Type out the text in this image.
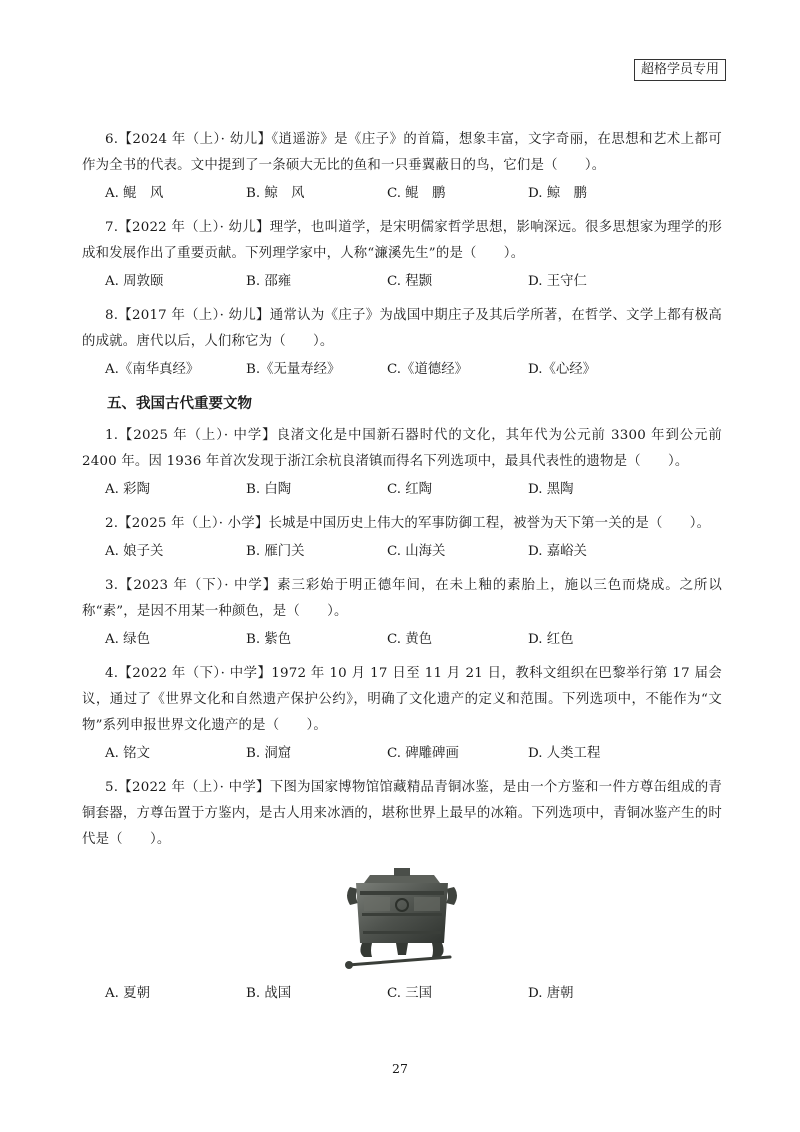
超格学员专用

6.【2024 年（上）· 幼儿】《逍遥游》是《庄子》的首篇，想象丰富，文字奇丽，在思想和艺术上都可作为全书的代表。文中提到了一条硕大无比的鱼和一只垂翼蔽日的鸟，它们是（　　）。

A. 鲲　风	B. 鲸　风	C. 鲲　鹏	D. 鲸　鹏

7.【2022 年（上）· 幼儿】理学，也叫道学，是宋明儒家哲学思想，影响深远。很多思想家为理学的形成和发展作出了重要贡献。下列理学家中，人称“濂溪先生”的是（　　）。

A. 周敦颐	B. 邵雍	C. 程颢	D. 王守仁

8.【2017 年（上）· 幼儿】通常认为《庄子》为战国中期庄子及其后学所著，在哲学、文学上都有极高的成就。唐代以后，人们称它为（　　）。

A.《南华真经》	B.《无量寿经》	C.《道德经》	D.《心经》
五、我国古代重要文物

1.【2025 年（上）· 中学】良渚文化是中国新石器时代的文化，其年代为公元前 3300 年到公元前 2400 年。因 1936 年首次发现于浙江余杭良渚镇而得名下列选项中，最具代表性的遗物是（　　）。

A. 彩陶	B. 白陶	C. 红陶	D. 黑陶

2.【2025 年（上）· 小学】长城是中国历史上伟大的军事防御工程，被誉为天下第一关的是（　　）。

A. 娘子关	B. 雁门关	C. 山海关	D. 嘉峪关

3.【2023 年（下）· 中学】素三彩始于明正德年间，在未上釉的素胎上，施以三色而烧成。之所以称“素”，是因不用某一种颜色，是（　　）。

A. 绿色	B. 紫色	C. 黄色	D. 红色

4.【2022 年（下）· 中学】1972 年 10 月 17 日至 11 月 21 日，教科文组织在巴黎举行第 17 届会议，通过了《世界文化和自然遗产保护公约》，明确了文化遗产的定义和范围。下列选项中，不能作为“文物”系列申报世界文化遗产的是（　　）。

A. 铭文	B. 洞窟	C. 碑雕碑画	D. 人类工程

5.【2022 年（上）· 中学】下图为国家博物馆馆藏精品青铜冰鉴，是由一个方鉴和一件方尊缶组成的青铜套器，方尊缶置于方鉴内，是古人用来冰酒的，堪称世界上最早的冰箱。下列选项中，青铜冰鉴产生的时代是（　　）。

A. 夏朝	B. 战国	C. 三国	D. 唐朝
27
